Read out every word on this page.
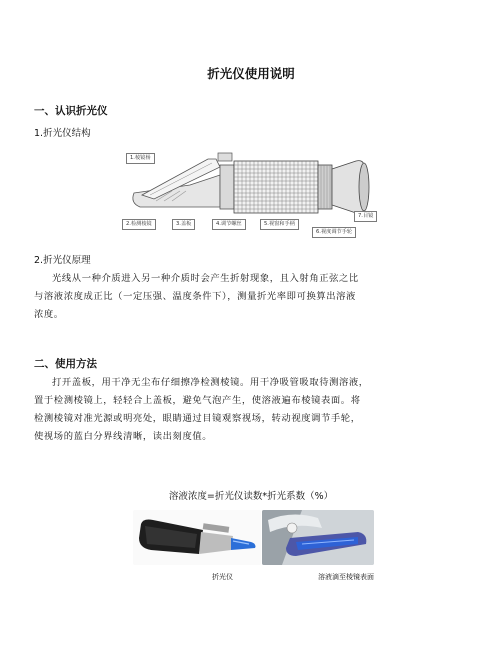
折光仪使用说明
一、认识折光仪
1.折光仪结构
1.棱镜杨
2.检测棱镜	3.盖板	4.调节螺丝	5.视窗和手柄
7.目镜
6.视度调节手轮
2.折光仪原理
光线从一种介质进入另一种介质时会产生折射现象，且入射角正弦之比
与溶液浓度成正比（一定压强、温度条件下），测量折光率即可换算出溶液
浓度。
二、使用方法
打开盖板，用干净无尘布仔细擦净检测棱镜。用干净吸管吸取待测溶液，
置于检测棱镜上，轻轻合上盖板，避免气泡产生，使溶液遍布棱镜表面。将
检测棱镜对准光源或明亮处，眼睛通过目镜观察视场，转动视度调节手轮，
使视场的蓝白分界线清晰，读出刻度值。
溶液浓度=折光仪读数*折光系数（%）
折光仪	溶液滴至棱镜表面
